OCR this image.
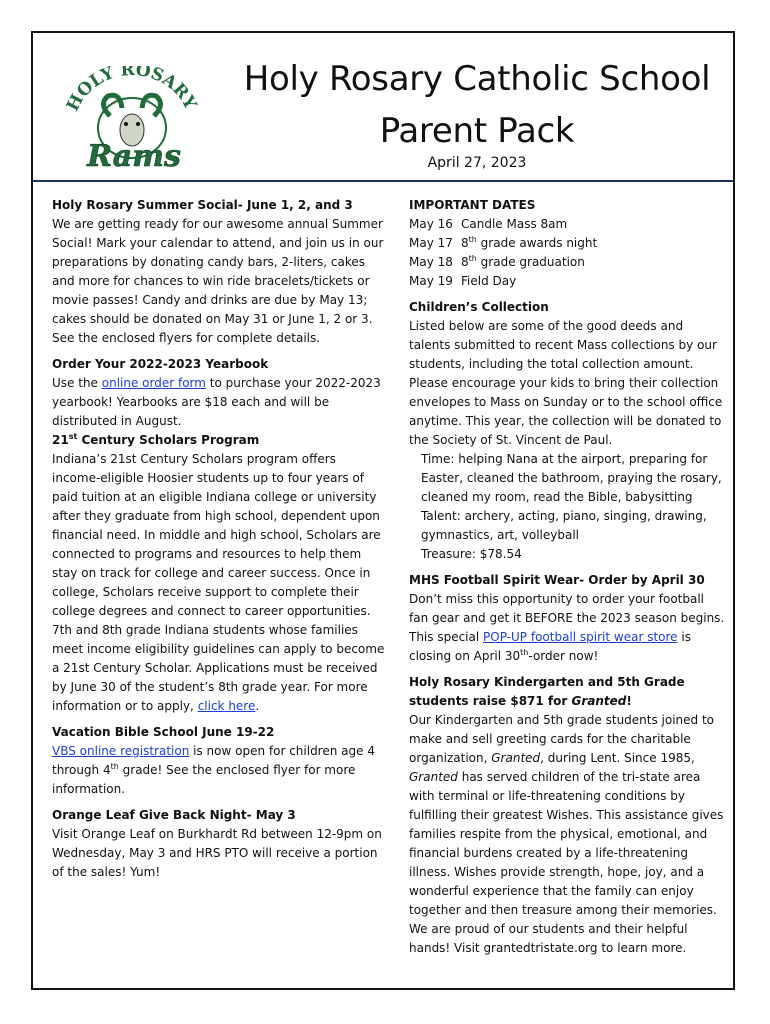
HOLY ROSARY
Rams
Holy Rosary Catholic School
Parent Pack
April 27, 2023
Holy Rosary Summer Social- June 1, 2, and 3

We are getting ready for our awesome annual Summer Social! Mark your calendar to attend, and join us in our preparations by donating candy bars, 2-liters, cakes and more for chances to win ride bracelets/tickets or movie passes! Candy and drinks are due by May 13; cakes should be donated on May 31 or June 1, 2 or 3. See the enclosed flyers for complete details.

Order Your 2022-2023 Yearbook

Use the online order form to purchase your 2022-2023 yearbook! Yearbooks are $18 each and will be distributed in August.

21st Century Scholars Program

Indiana’s 21st Century Scholars program offers income-eligible Hoosier students up to four years of paid tuition at an eligible Indiana college or university after they graduate from high school, dependent upon financial need. In middle and high school, Scholars are connected to programs and resources to help them stay on track for college and career success. Once in college, Scholars receive support to complete their college degrees and connect to career opportunities. 7th and 8th grade Indiana students whose families meet income eligibility guidelines can apply to become a 21st Century Scholar. Applications must be received by June 30 of the student’s 8th grade year. For more information or to apply, click here.

Vacation Bible School June 19-22

VBS online registration is now open for children age 4 through 4th grade! See the enclosed flyer for more information.

Orange Leaf Give Back Night- May 3

Visit Orange Leaf on Burkhardt Rd between 12-9pm on Wednesday, May 3 and HRS PTO will receive a portion of the sales! Yum!

IMPORTANT DATES
May 16 Candle Mass 8am
May 17 8th grade awards night
May 18 8th grade graduation
May 19 Field Day
Children’s Collection

Listed below are some of the good deeds and talents submitted to recent Mass collections by our students, including the total collection amount. Please encourage your kids to bring their collection envelopes to Mass on Sunday or to the school office anytime. This year, the collection will be donated to the Society of St. Vincent de Paul.

Time: helping Nana at the airport, preparing for Easter, cleaned the bathroom, praying the rosary, cleaned my room, read the Bible, babysitting

Talent: archery, acting, piano, singing, drawing, gymnastics, art, volleyball

Treasure: $78.54

MHS Football Spirit Wear- Order by April 30

Don’t miss this opportunity to order your football fan gear and get it BEFORE the 2023 season begins. This special POP-UP football spirit wear store is closing on April 30th-order now!

Holy Rosary Kindergarten and 5th Grade students raise $871 for Granted!

Our Kindergarten and 5th grade students joined to make and sell greeting cards for the charitable organization, Granted, during Lent. Since 1985, Granted has served children of the tri-state area with terminal or life-threatening conditions by fulfilling their greatest Wishes. This assistance gives families respite from the physical, emotional, and financial burdens created by a life-threatening illness. Wishes provide strength, hope, joy, and a wonderful experience that the family can enjoy together and then treasure among their memories. We are proud of our students and their helpful hands! Visit grantedtristate.org to learn more.
